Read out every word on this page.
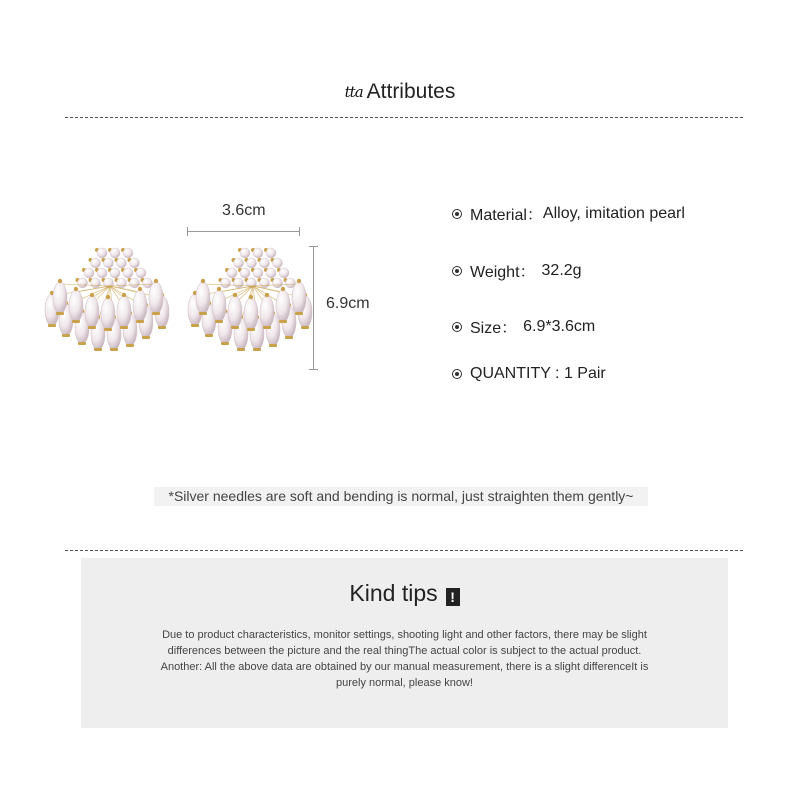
tta Attributes
3.6cm
6.9cm
Material： Alloy, imitation pearl
Weight： 32.2g
Size： 6.9*3.6cm
QUANTITY : 1 Pair
*Silver needles are soft and bending is normal, just straighten them gently~
Kind tips !
Due to product characteristics, monitor settings, shooting light and other factors, there may be slight
differences between the picture and the real thingThe actual color is subject to the actual product.
Another: All the above data are obtained by our manual measurement, there is a slight differenceIt is
purely normal, please know!
